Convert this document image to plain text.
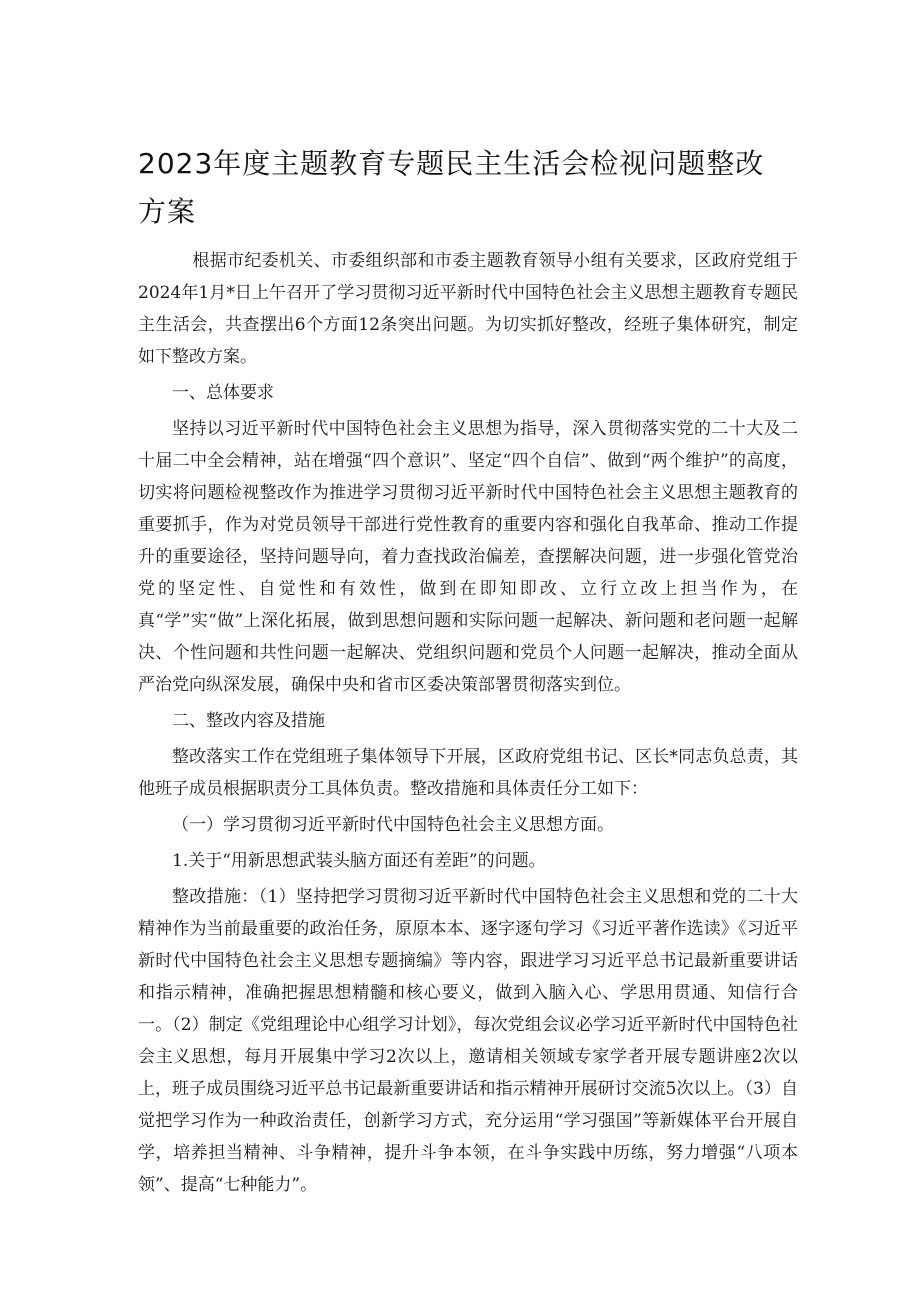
2023年度主题教育专题民主生活会检视问题整改方案

根据市纪委机关、市委组织部和市委主题教育领导小组有关要求，区政府党组于2024年1月*日上午召开了学习贯彻习近平新时代中国特色社会主义思想主题教育专题民主生活会，共查摆出6个方面12条突出问题。为切实抓好整改，经班子集体研究，制定如下整改方案。

一、总体要求

坚持以习近平新时代中国特色社会主义思想为指导，深入贯彻落实党的二十大及二十届二中全会精神，站在增强“四个意识”、坚定“四个自信”、做到“两个维护”的高度，切实将问题检视整改作为推进学习贯彻习近平新时代中国特色社会主义思想主题教育的重要抓手，作为对党员领导干部进行党性教育的重要内容和强化自我革命、推动工作提升的重要途径，坚持问题导向，着力查找政治偏差，查摆解决问题，进一步强化管党治党的坚定性、自觉性和有效性，做到在即知即改、立行立改上担当作为，在真“学”实“做”上深化拓展，做到思想问题和实际问题一起解决、新问题和老问题一起解决、个性问题和共性问题一起解决、党组织问题和党员个人问题一起解决，推动全面从严治党向纵深发展，确保中央和省市区委决策部署贯彻落实到位。

二、整改内容及措施

整改落实工作在党组班子集体领导下开展，区政府党组书记、区长*同志负总责，其他班子成员根据职责分工具体负责。整改措施和具体责任分工如下：

（一）学习贯彻习近平新时代中国特色社会主义思想方面。

1.关于“用新思想武装头脑方面还有差距”的问题。

整改措施：（1）坚持把学习贯彻习近平新时代中国特色社会主义思想和党的二十大精神作为当前最重要的政治任务，原原本本、逐字逐句学习《习近平著作选读》《习近平新时代中国特色社会主义思想专题摘编》等内容，跟进学习习近平总书记最新重要讲话和指示精神，准确把握思想精髓和核心要义，做到入脑入心、学思用贯通、知信行合一。（2）制定《党组理论中心组学习计划》，每次党组会议必学习近平新时代中国特色社会主义思想，每月开展集中学习2次以上，邀请相关领域专家学者开展专题讲座2次以上，班子成员围绕习近平总书记最新重要讲话和指示精神开展研讨交流5次以上。（3）自觉把学习作为一种政治责任，创新学习方式，充分运用“学习强国”等新媒体平台开展自学，培养担当精神、斗争精神，提升斗争本领，在斗争实践中历练，努力增强“八项本领”、提高“七种能力”。
